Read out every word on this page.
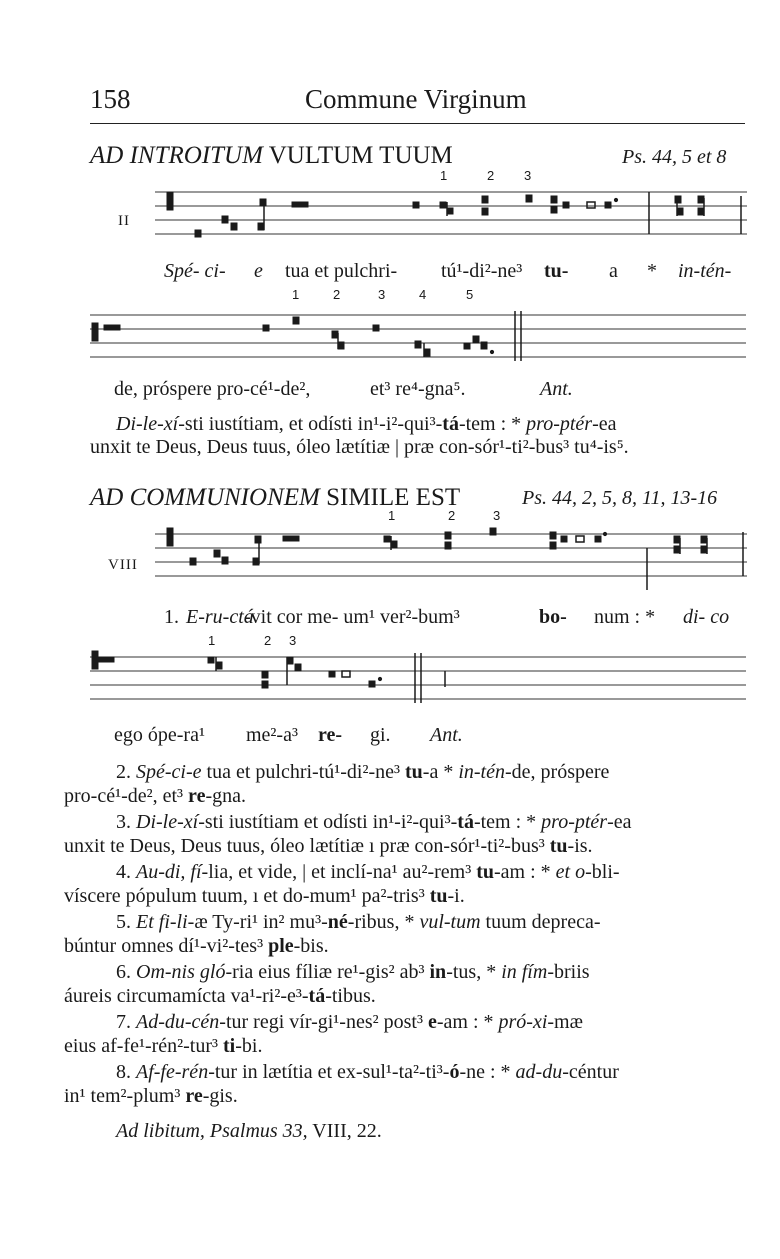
158	Commune Virginum
AD INTROITUM VULTUM TUUM	Ps. 44, 5 et 8
1	2 3
II
Spé- ci- e tua et pulchri- tú¹-di²-ne³ tu- a * in-tén-
1	2	3	4	5
de, próspere pro-cé¹-de²,	et³ re⁴-gna⁵.	Ant.
Di-le-xí-sti iustítiam, et odísti in¹-i²-qui³-tá-tem : * pro-ptér-ea
unxit te Deus, Deus tuus, óleo lætítiæ | præ con-sór¹-ti²-bus³ tu⁴-is⁵.
AD COMMUNIONEM SIMILE EST	Ps. 44, 2, 5, 8, 11, 13-16
1	2	3
VIII
1. E-ru-ctá
-vit cor me- um¹ ver²-bum³	bo- num : * di- co
1	2 3
ego ópe-ra¹ me²-a³ re- gi. Ant.
2. Spé-ci-e tua et pulchri-tú¹-di²-ne³ tu-a * in-tén-de, próspere
pro-cé¹-de², et³ re-gna.
3. Di-le-xí-sti iustítiam et odísti in¹-i²-qui³-tá-tem : * pro-ptér-ea
unxit te Deus, Deus tuus, óleo lætítiæ ı præ con-sór¹-ti²-bus³ tu-is.
4. Au-di, fí-lia, et vide, | et inclí-na¹ au²-rem³ tu-am : * et o-bli-
víscere pópulum tuum, ı et do-mum¹ pa²-tris³ tu-i.
5. Et fi-li-æ Ty-ri¹ in² mu³-né-ribus, * vul-tum tuum depreca-
búntur omnes dí¹-vi²-tes³ ple-bis.
6. Om-nis gló-ria eius fíliæ re¹-gis² ab³ in-tus, * in fím-briis
áureis circumamícta va¹-ri²-e³-tá-tibus.
7. Ad-du-cén-tur regi vír-gi¹-nes² post³ e-am : * pró-xi-mæ
eius af-fe¹-rén²-tur³ ti-bi.
8. Af-fe-rén-tur in lætítia et ex-sul¹-ta²-ti³-ó-ne : * ad-du-céntur
in¹ tem²-plum³ re-gis.
Ad libitum, Psalmus 33, VIII, 22.
